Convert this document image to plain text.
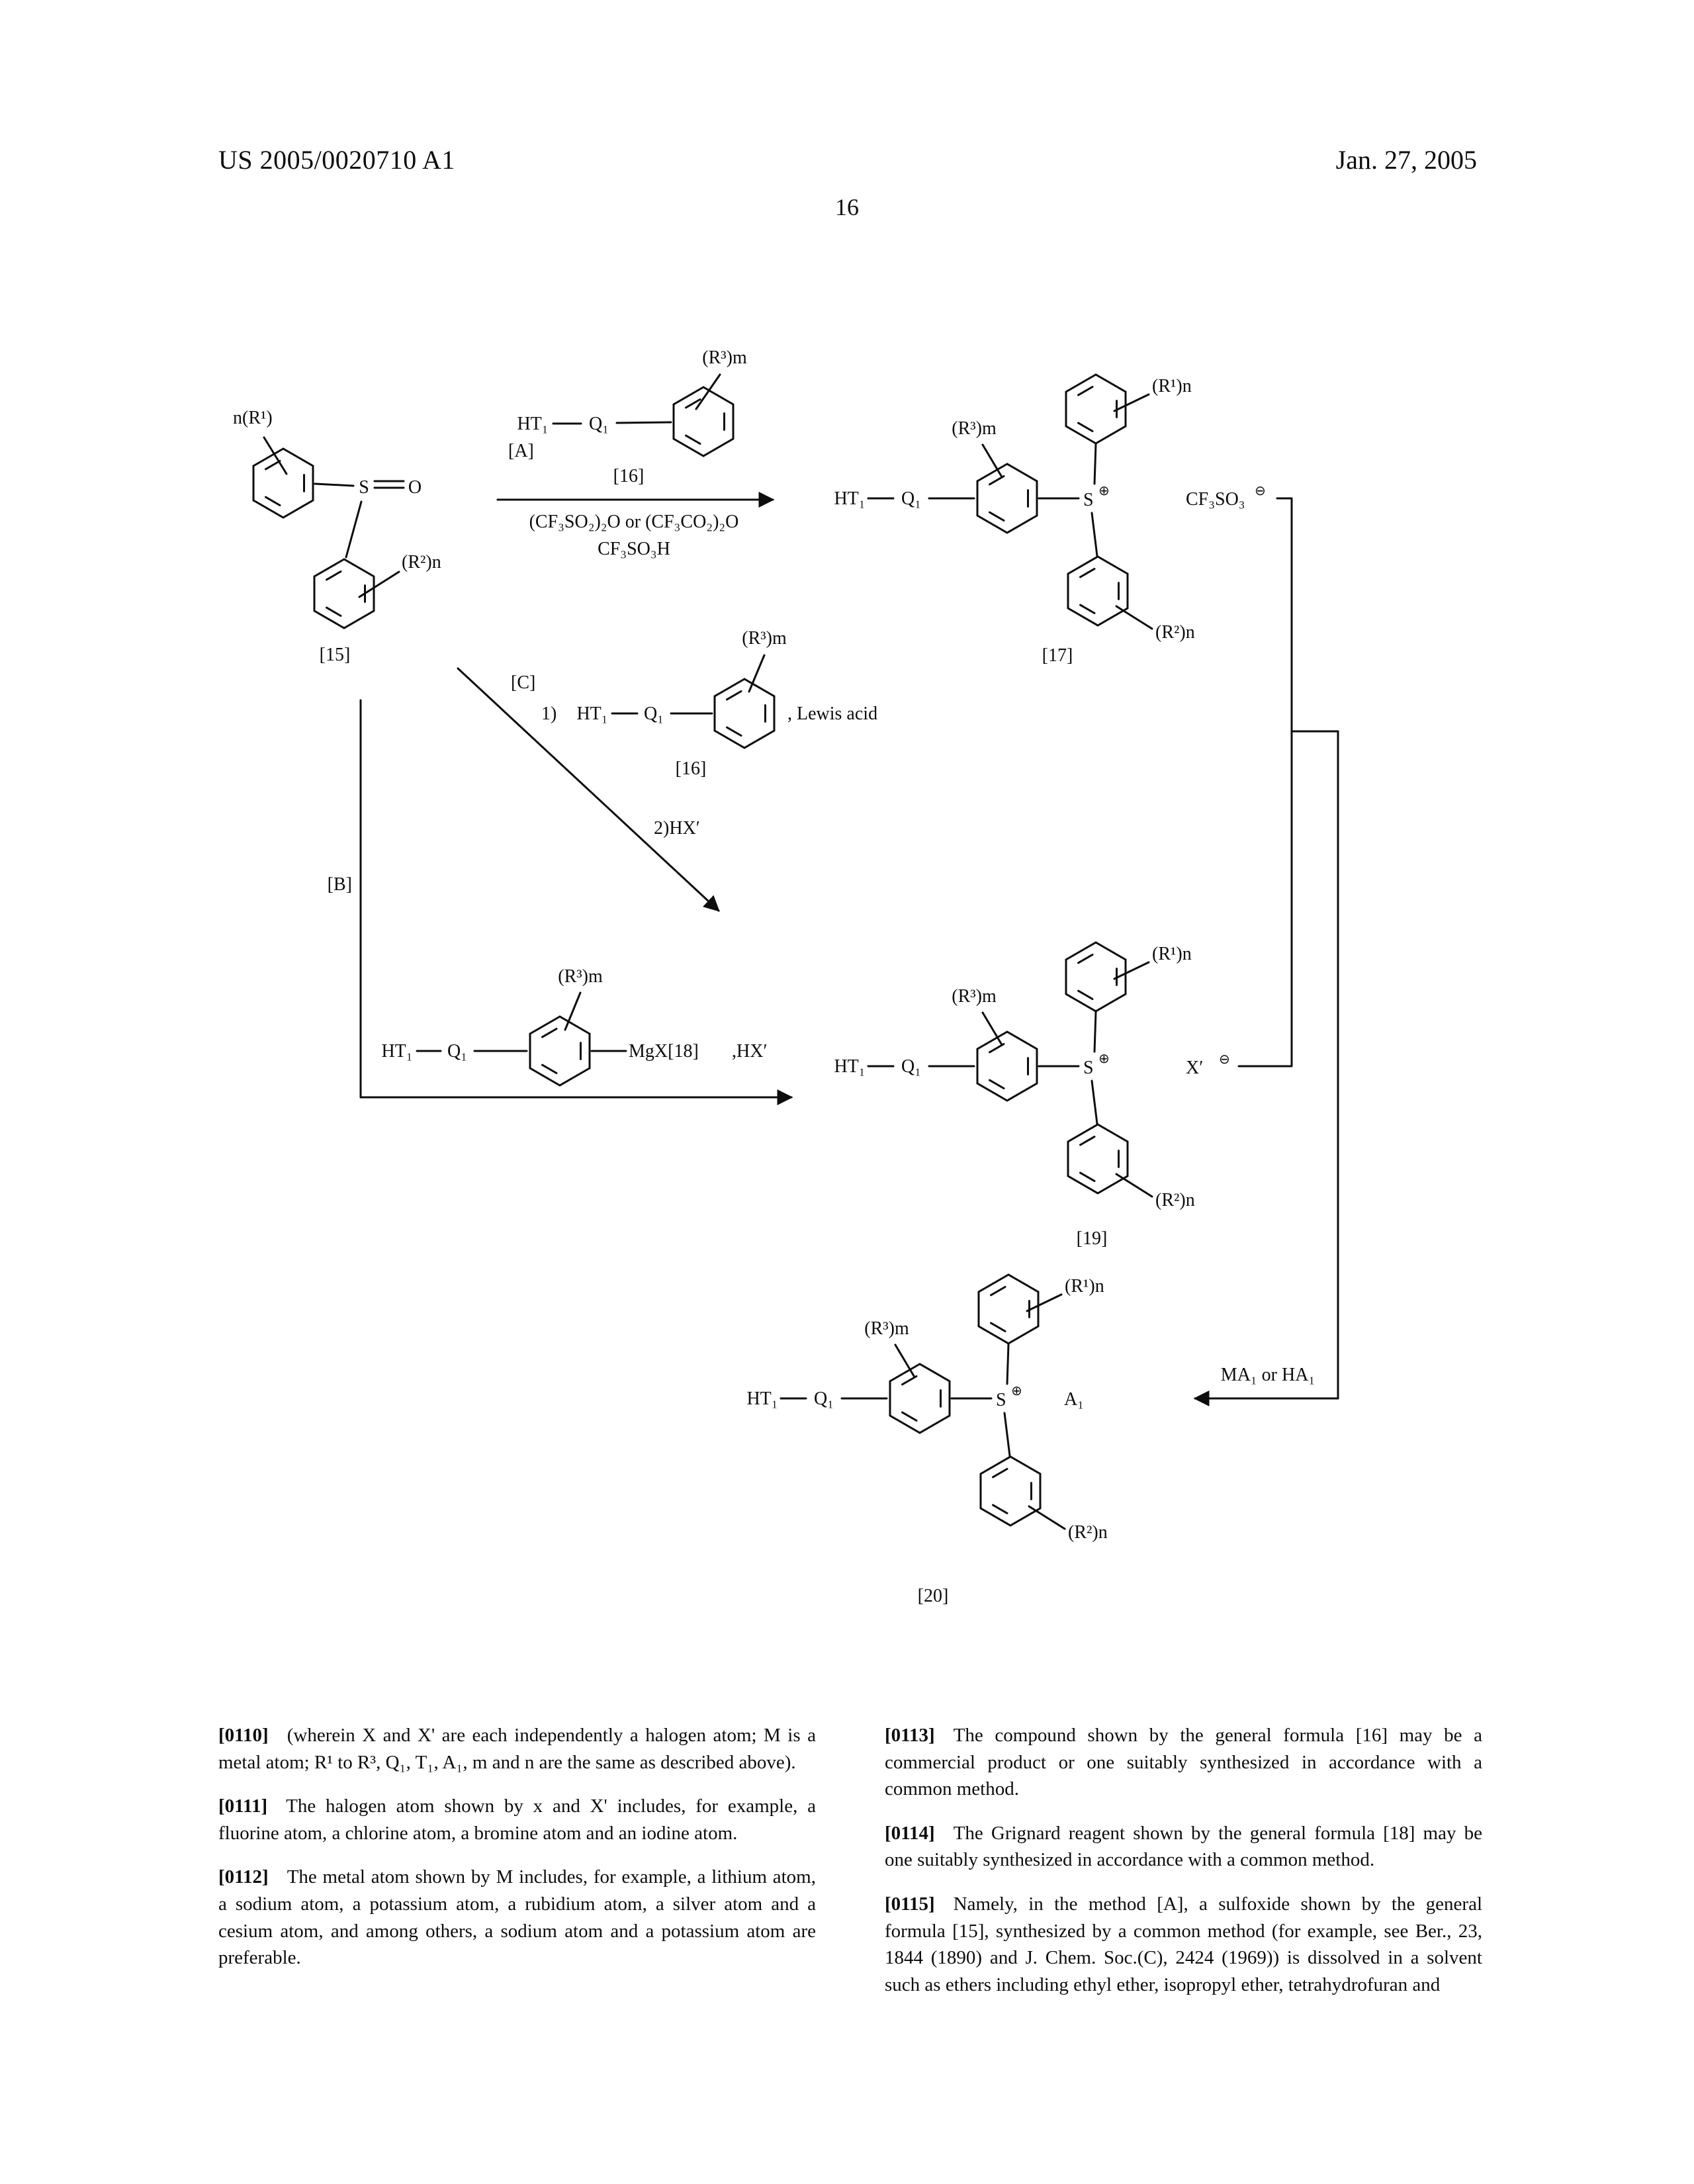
US 2005/0020710 A1	Jan. 27, 2005
16
n(R¹)
S O
(R²)n
[15]
HT₁ Q₁
(R³)m
[A]
[16]
(CF₃SO₂)₂O or (CF₃CO₂)₂O
CF₃SO₃H
CF₃SO₃ ⊖
[17]
[C]
1) HT₁ Q₁
(R³)m
, Lewis acid
[16]
2)HX′
[B]
HT₁ Q₁
(R³)m
MgX[18] ,HX′
X′ ⊖
[19]
MA₁ or HA₁
A₁
[20]

[0110] (wherein X and X' are each independently a halogen atom; M is a metal atom; R¹ to R³, Q₁, T₁, A₁, m and n are the same as described above).

[0111] The halogen atom shown by x and X' includes, for example, a fluorine atom, a chlorine atom, a bromine atom and an iodine atom.

[0112] The metal atom shown by M includes, for example, a lithium atom, a sodium atom, a potassium atom, a rubidium atom, a silver atom and a cesium atom, and among others, a sodium atom and a potassium atom are preferable.

[0113] The compound shown by the general formula [16] may be a commercial product or one suitably synthesized in accordance with a common method.

[0114] The Grignard reagent shown by the general formula [18] may be one suitably synthesized in accordance with a common method.

[0115] Namely, in the method [A], a sulfoxide shown by the general formula [15], synthesized by a common method (for example, see Ber., 23, 1844 (1890) and J. Chem. Soc.(C), 2424 (1969)) is dissolved in a solvent such as ethers including ethyl ether, isopropyl ether, tetrahydrofuran and
